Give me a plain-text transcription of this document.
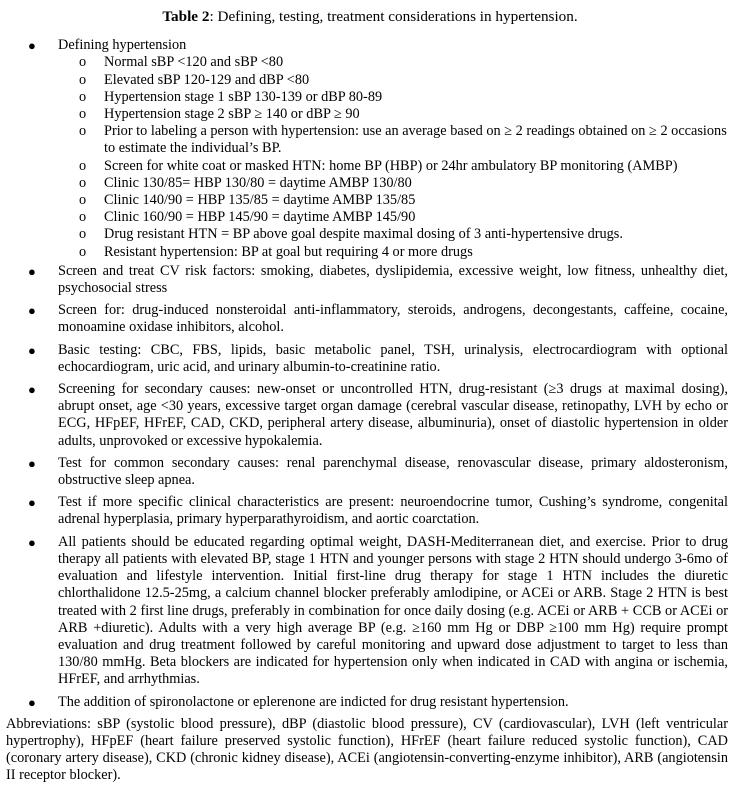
Table 2: Defining, testing, treatment considerations in hypertension.
● Defining hypertension
o Normal sBP <120 and sBP <80
o Elevated sBP 120-129 and dBP <80
o Hypertension stage 1 sBP 130-139 or dBP 80-89
o Hypertension stage 2 sBP ≥ 140 or dBP ≥ 90
o Prior to labeling a person with hypertension: use an average based on ≥ 2 readings obtained on ≥ 2 occasions to estimate the individual’s BP.
o Screen for white coat or masked HTN: home BP (HBP) or 24hr ambulatory BP monitoring (AMBP)
o Clinic 130/85= HBP 130/80 = daytime AMBP 130/80
o Clinic 140/90 = HBP 135/85 = daytime AMBP 135/85
o Clinic 160/90 = HBP 145/90 = daytime AMBP 145/90
o Drug resistant HTN = BP above goal despite maximal dosing of 3 anti-hypertensive drugs.
o Resistant hypertension: BP at goal but requiring 4 or more drugs
● Screen and treat CV risk factors: smoking, diabetes, dyslipidemia, excessive weight, low fitness, unhealthy diet, psychosocial stress
● Screen for: drug-induced nonsteroidal anti-inflammatory, steroids, androgens, decongestants, caffeine, cocaine, monoamine oxidase inhibitors, alcohol.
● Basic testing: CBC, FBS, lipids, basic metabolic panel, TSH, urinalysis, electrocardiogram with optional echocardiogram, uric acid, and urinary albumin-to-creatinine ratio.
● Screening for secondary causes: new-onset or uncontrolled HTN, drug-resistant (≥3 drugs at maximal dosing), abrupt onset, age <30 years, excessive target organ damage (cerebral vascular disease, retinopathy, LVH by echo or ECG, HFpEF, HFrEF, CAD, CKD, peripheral artery disease, albuminuria), onset of diastolic hypertension in older adults, unprovoked or excessive hypokalemia.
● Test for common secondary causes: renal parenchymal disease, renovascular disease, primary aldosteronism, obstructive sleep apnea.
● Test if more specific clinical characteristics are present: neuroendocrine tumor, Cushing’s syndrome, congenital adrenal hyperplasia, primary hyperparathyroidism, and aortic coarctation.
● All patients should be educated regarding optimal weight, DASH-Mediterranean diet, and exercise. Prior to drug therapy all patients with elevated BP, stage 1 HTN and younger persons with stage 2 HTN should undergo 3-6mo of evaluation and lifestyle intervention. Initial first-line drug therapy for stage 1 HTN includes the diuretic chlorthalidone 12.5-25mg, a calcium channel blocker preferably amlodipine, or ACEi or ARB. Stage 2 HTN is best treated with 2 first line drugs, preferably in combination for once daily dosing (e.g. ACEi or ARB + CCB or ACEi or ARB +diuretic). Adults with a very high average BP (e.g. ≥160 mm Hg or DBP ≥100 mm Hg) require prompt evaluation and drug treatment followed by careful monitoring and upward dose adjustment to target to less than 130/80 mmHg. Beta blockers are indicated for hypertension only when indicated in CAD with angina or ischemia, HFrEF, and arrhythmias.
● The addition of spironolactone or eplerenone are indicted for drug resistant hypertension.
Abbreviations: sBP (systolic blood pressure), dBP (diastolic blood pressure), CV (cardiovascular), LVH (left ventricular hypertrophy), HFpEF (heart failure preserved systolic function), HFrEF (heart failure reduced systolic function), CAD (coronary artery disease), CKD (chronic kidney disease), ACEi (angiotensin-converting-enzyme inhibitor), ARB (angiotensin II receptor blocker).
